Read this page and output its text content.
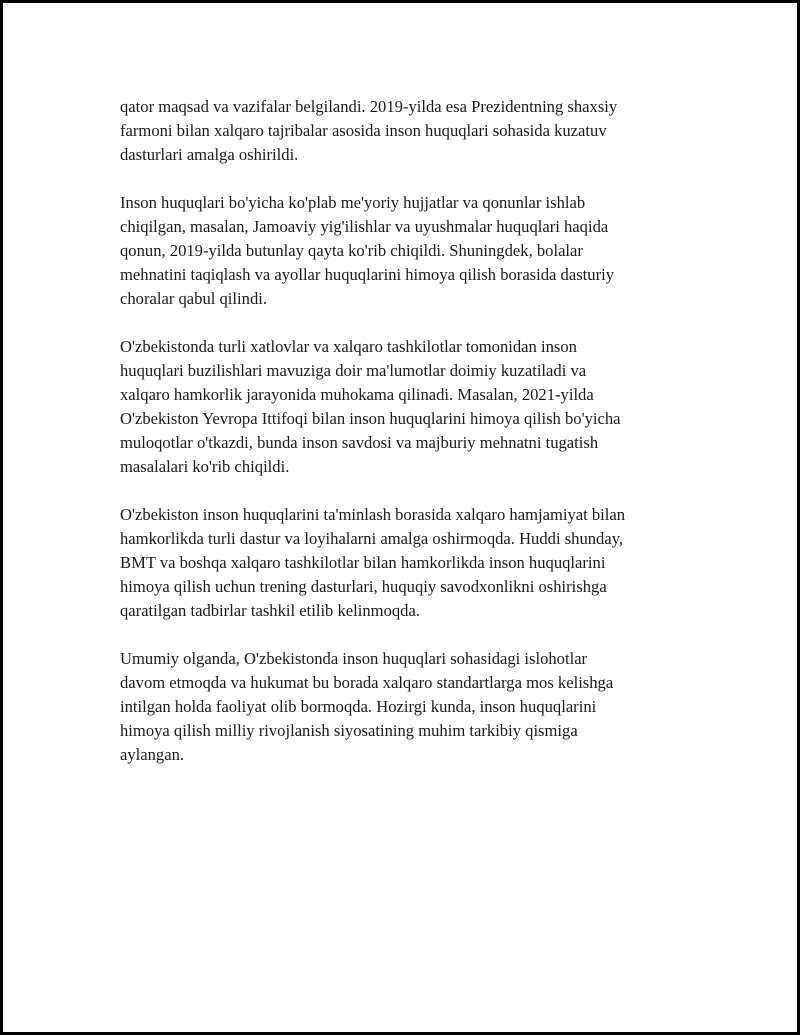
qator maqsad va vazifalar belgilandi. 2019-yilda esa Prezidentning shaxsiy
farmoni bilan xalqaro tajribalar asosida inson huquqlari sohasida kuzatuv
dasturlari amalga oshirildi.

Inson huquqlari bo'yicha ko'plab me'yoriy hujjatlar va qonunlar ishlab
chiqilgan, masalan, Jamoaviy yig'ilishlar va uyushmalar huquqlari haqida
qonun, 2019-yilda butunlay qayta ko'rib chiqildi. Shuningdek, bolalar
mehnatini taqiqlash va ayollar huquqlarini himoya qilish borasida dasturiy
choralar qabul qilindi.

O'zbekistonda turli xatlovlar va xalqaro tashkilotlar tomonidan inson
huquqlari buzilishlari mavuziga doir ma'lumotlar doimiy kuzatiladi va
xalqaro hamkorlik jarayonida muhokama qilinadi. Masalan, 2021-yilda
O'zbekiston Yevropa Ittifoqi bilan inson huquqlarini himoya qilish bo'yicha
muloqotlar o'tkazdi, bunda inson savdosi va majburiy mehnatni tugatish
masalalari ko'rib chiqildi.

O'zbekiston inson huquqlarini ta'minlash borasida xalqaro hamjamiyat bilan
hamkorlikda turli dastur va loyihalarni amalga oshirmoqda. Huddi shunday,
BMT va boshqa xalqaro tashkilotlar bilan hamkorlikda inson huquqlarini
himoya qilish uchun trening dasturlari, huquqiy savodxonlikni oshirishga
qaratilgan tadbirlar tashkil etilib kelinmoqda.

Umumiy olganda, O'zbekistonda inson huquqlari sohasidagi islohotlar
davom etmoqda va hukumat bu borada xalqaro standartlarga mos kelishga
intilgan holda faoliyat olib bormoqda. Hozirgi kunda, inson huquqlarini
himoya qilish milliy rivojlanish siyosatining muhim tarkibiy qismiga
aylangan.
